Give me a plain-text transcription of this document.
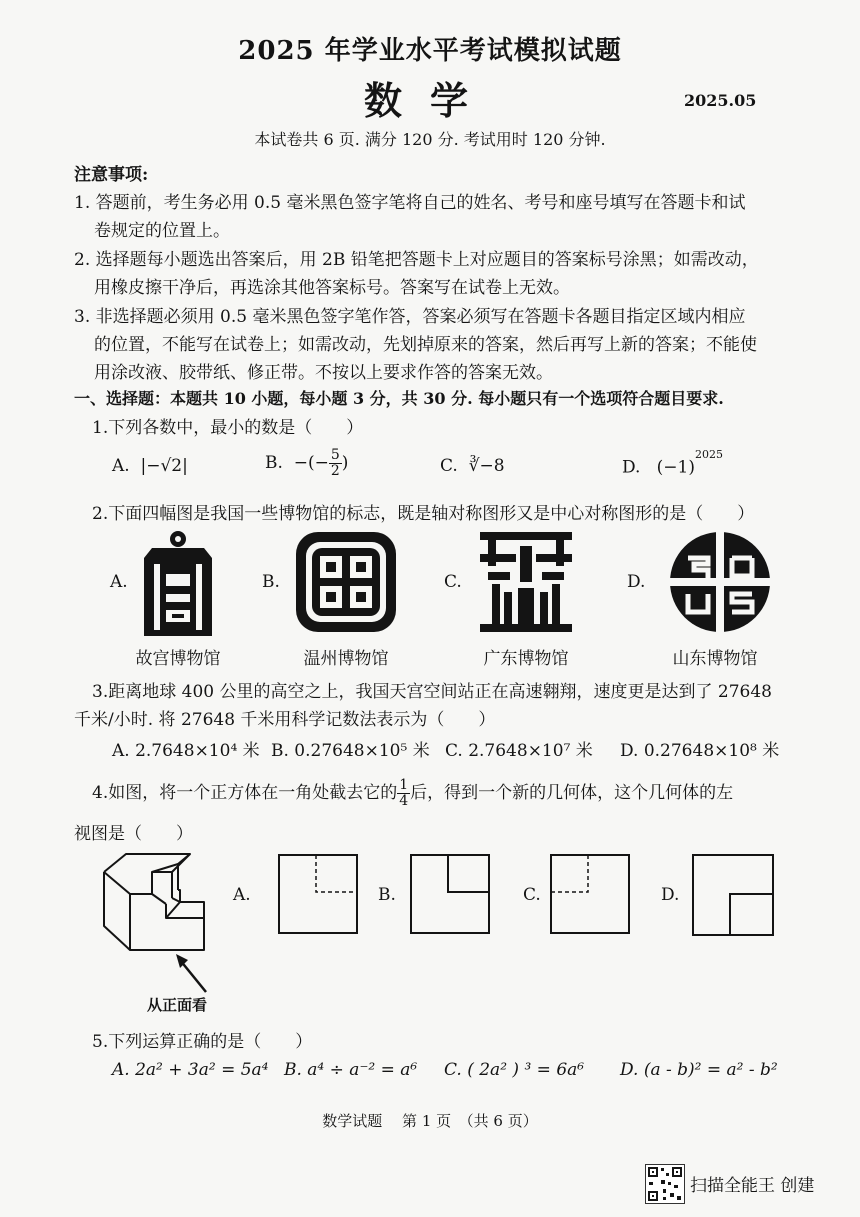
2025 年学业水平考试模拟试题
数学	2025.05
本试卷共 6 页. 满分 120 分. 考试用时 120 分钟.
注意事项:
1. 答题前，考生务必用 0.5 毫米黑色签字笔将自己的姓名、考号和座号填写在答题卡和试
卷规定的位置上。
2. 选择题每小题选出答案后，用 2B 铅笔把答题卡上对应题目的答案标号涂黑；如需改动，
用橡皮擦干净后，再选涂其他答案标号。答案写在试卷上无效。
3. 非选择题必须用 0.5 毫米黑色签字笔作答，答案必须写在答题卡各题目指定区域内相应
的位置，不能写在试卷上；如需改动，先划掉原来的答案，然后再写上新的答案；不能使
用涂改液、胶带纸、修正带。不按以上要求作答的答案无效。
一、选择题：本题共 10 小题，每小题 3 分，共 30 分. 每小题只有一个选项符合题目要求.
1.下列各数中，最小的数是（　　）
A. |−√2|	B. −(− $\frac{5}{2}$ )	C. ∛−8	D. $(-1)^{2025}$
2.下面四幅图是我国一些博物馆的标志，既是轴对称图形又是中心对称图形的是（　　）
A.	B.	C.	D.
故宫博物馆	温州博物馆	广东博物馆	山东博物馆
3.距离地球 400 公里的高空之上，我国天宫空间站正在高速翱翔，速度更是达到了 27648
千米/小时. 将 27648 千米用科学记数法表示为（　　）
A. 2.7648×10⁴ 米 B. 0.27648×10⁵ 米 C. 2.7648×10⁷ 米 D. 0.27648×10⁸ 米
4.如图，将一个正方体在一角处截去它的 $\frac{1}{4}$ 后，得到一个新的几何体，这个几何体的左
视图是（　　）
从正面看
A.	B.	C.	D.
5.下列运算正确的是（　　）
A. 2a² + 3a² = 5a⁴ B. a⁴ ÷ a⁻² = a⁶ C. ( 2a² ) ³ = 6a⁶ D. (a - b)² = a² - b²
数学试题　 第 1 页　（共 6 页）
扫描全能王 创建
